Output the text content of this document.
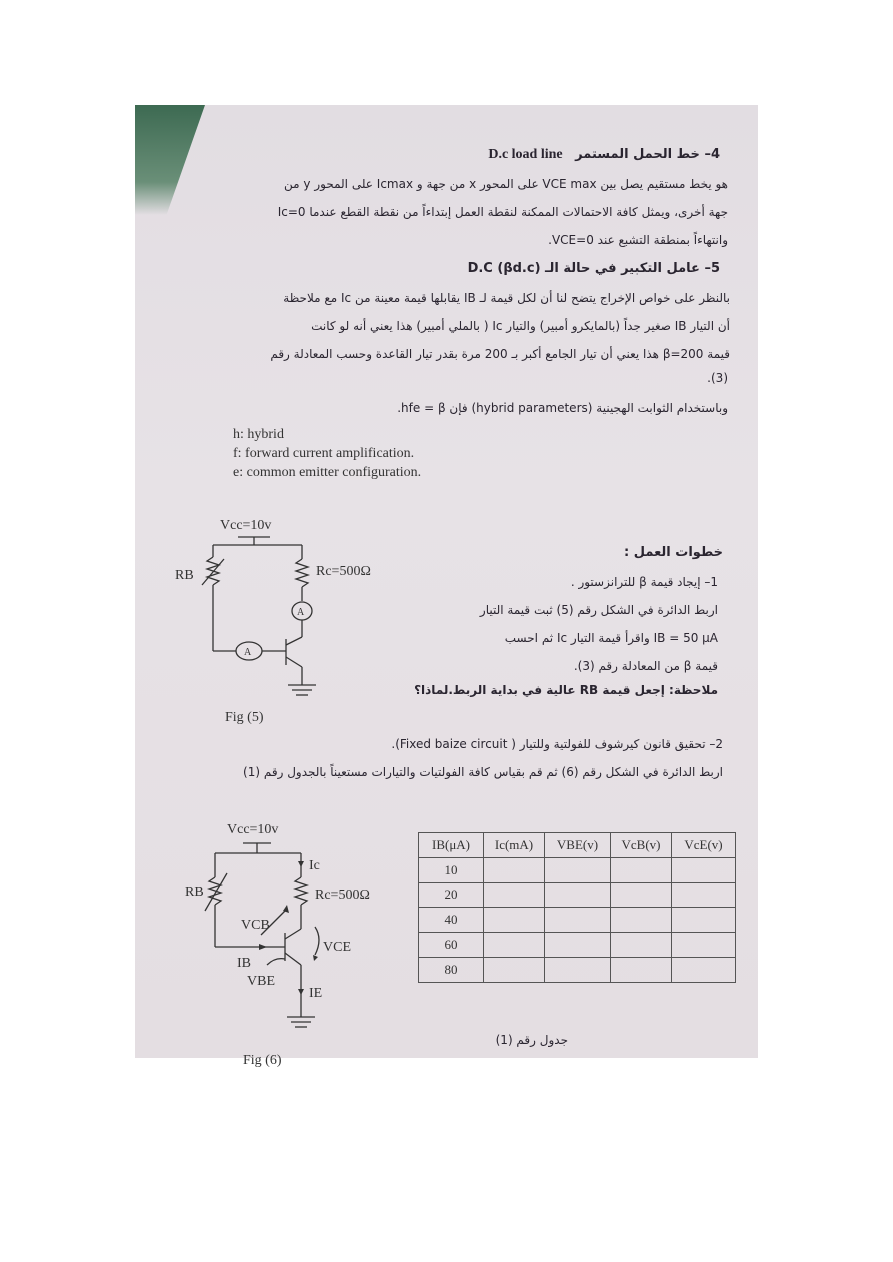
4– خط الحمل المستمر D.c load line
هو يخط مستقيم يصل بين VCE max على المحور x من جهة و Icmax على المحور y من
جهة أخرى، ويمثل كافة الاحتمالات الممكنة لنقطة العمل إبتداءاً من نقطة القطع عندما Ic=0
وانتهاءاً بمنطقة التشبع عند VCE=0.
5– عامل التكبير في حالة الـ D.C (βd.c)
بالنظر على خواص الإخراج يتضح لنا أن لكل قيمة لـ IB يقابلها قيمة معينة من Ic مع ملاحظة
أن التيار IB صغير جداً (بالمايكرو أمبير) والتيار Ic ( بالملي أمبير) هذا يعني أنه لو كانت
قيمة β=200 هذا يعني أن تيار الجامع أكبر بـ 200 مرة بقدر تيار القاعدة وحسب المعادلة رقم
(3).
وباستخدام الثوابت الهجينية (hybrid parameters) فإن hfe = β.
h: hybrid
f: forward current amplification.
e: common emitter configuration.
Vcc=10v
A
A
RB	Rc=500Ω
Fig (5)
خطوات العمل :
1– إيجاد قيمة β للترانزستور .
اربط الدائرة في الشكل رقم (5) ثبت قيمة التيار
IB = 50 μA واقرأ قيمة التيار Ic ثم احسب
قيمة β من المعادلة رقم (3).
ملاحظة: إجعل قيمة RB عالية في بداية الربط.لماذا؟
2– تحقيق قانون كيرشوف للفولتية وللتيار ( Fixed baize circuit).
اربط الدائرة في الشكل رقم (6) ثم قم بقياس كافة الفولتيات والتيارات مستعيناً بالجدول رقم (1)
Vcc=10v
Ic
RB	Rc=500Ω
VCB
VCE
IB
VBE
IE
Fig (6)
IB(μA)	Ic(mA)	VBE(v)	VcB(v)	VcE(v)
10				
20				
40				
60				
80				
جدول رقم (1)
